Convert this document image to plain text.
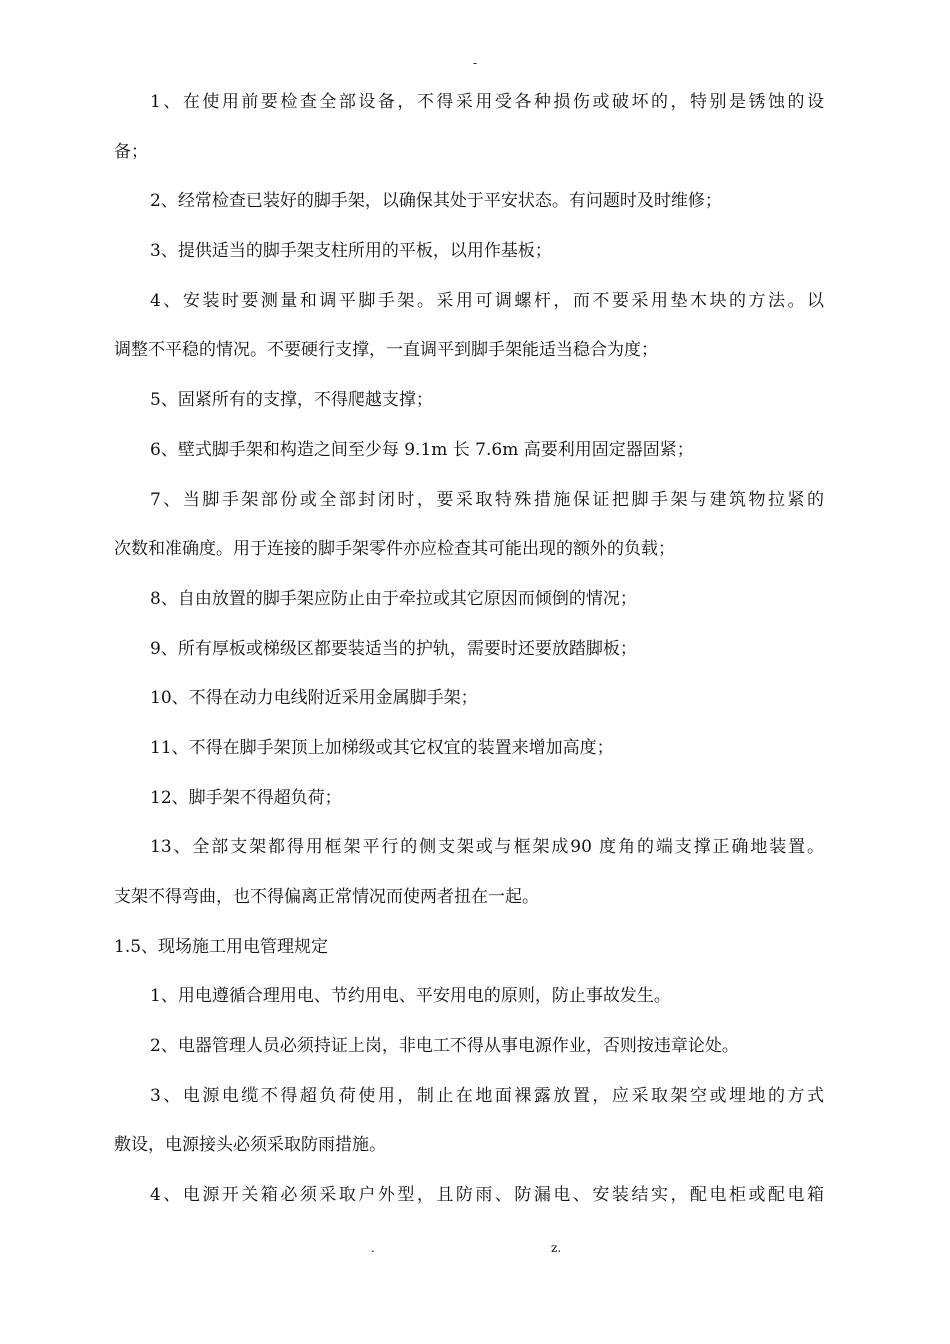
-
1、在使用前要检查全部设备，不得采用受各种损伤或破坏的，特别是锈蚀的设
备；
2、经常检查已装好的脚手架，以确保其处于平安状态。有问题时及时维修；
3、提供适当的脚手架支柱所用的平板，以用作基板；
4、安装时要测量和调平脚手架。采用可调螺杆，而不要采用垫木块的方法。以
调整不平稳的情况。不要硬行支撑，一直调平到脚手架能适当稳合为度；
5、固紧所有的支撑，不得爬越支撑；
6、壁式脚手架和构造之间至少每 9.1m 长 7.6m 高要利用固定器固紧；
7、当脚手架部份或全部封闭时，要采取特殊措施保证把脚手架与建筑物拉紧的
次数和准确度。用于连接的脚手架零件亦应检查其可能出现的额外的负载；
8、自由放置的脚手架应防止由于牵拉或其它原因而倾倒的情况；
9、所有厚板或梯级区都要装适当的护轨，需要时还要放踏脚板；
10、不得在动力电线附近采用金属脚手架；
11、不得在脚手架顶上加梯级或其它权宜的装置来增加高度；
12、脚手架不得超负荷；
13、全部支架都得用框架平行的侧支架或与框架成90 度角的端支撑正确地装置。
支架不得弯曲，也不得偏离正常情况而使两者扭在一起。
1.5、现场施工用电管理规定
1、用电遵循合理用电、节约用电、平安用电的原则，防止事故发生。
2、电器管理人员必须持证上岗，非电工不得从事电源作业，否则按违章论处。
3、电源电缆不得超负荷使用，制止在地面裸露放置，应采取架空或埋地的方式
敷设，电源接头必须采取防雨措施。
4、电源开关箱必须采取户外型，且防雨、防漏电、安装结实，配电柜或配电箱
.	z.
